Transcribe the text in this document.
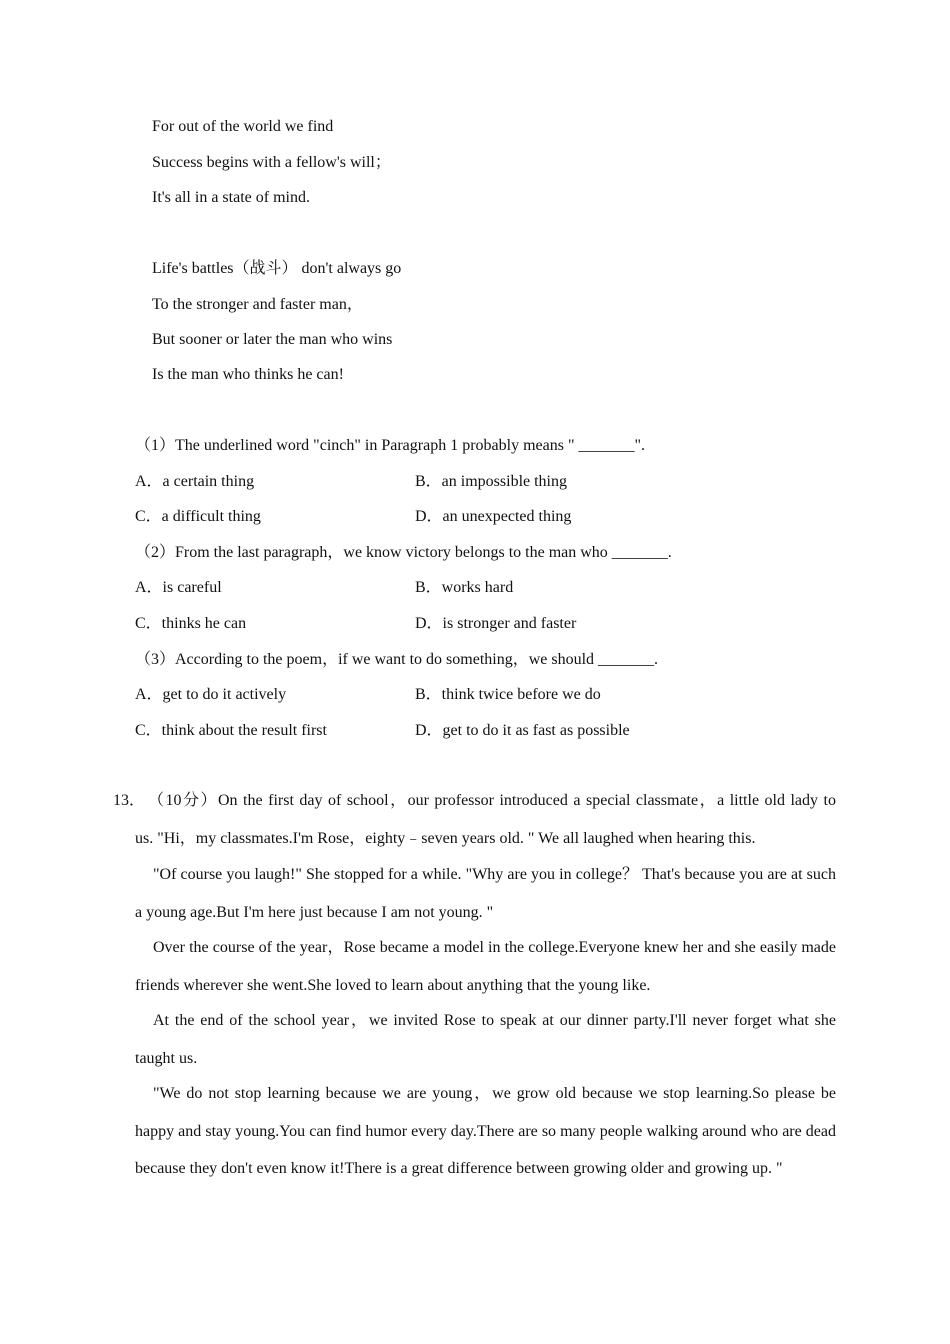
For out of the world we find
Success begins with a fellow's will；
It's all in a state of mind.
Life's battles（战斗） don't always go
To the stronger and faster man，
But sooner or later the man who wins
Is the man who thinks he can!
（1）The underlined word "cinch" in Paragraph 1 probably means " _______".
A．a certain thing	B．an impossible thing
C．a difficult thing	D．an unexpected thing
（2）From the last paragraph，we know victory belongs to the man who _______.
A．is careful	B．works hard
C．thinks he can	D．is stronger and faster
（3）According to the poem，if we want to do something，we should _______.
A．get to do it actively	B．think twice before we do
C．think about the result first	D．get to do it as fast as possible
13． （10分）On the first day of school，our professor introduced a special classmate，a little old lady to
us. "Hi，my classmates.I'm Rose，eighty﹣seven years old. " We all laughed when hearing this.
"Of course you laugh!" She stopped for a while. "Why are you in college？ That's because you are at such a young age.But I'm here just because I am not young. "
Over the course of the year，Rose became a model in the college.Everyone knew her and she easily made friends wherever she went.She loved to learn about anything that the young like.
At the end of the school year，we invited Rose to speak at our dinner party.I'll never forget what she taught us.
"We do not stop learning because we are young，we grow old because we stop learning.So please be happy and stay young.You can find humor every day.There are so many people walking around who are dead because they don't even know it!There is a great difference between growing older and growing up. "
